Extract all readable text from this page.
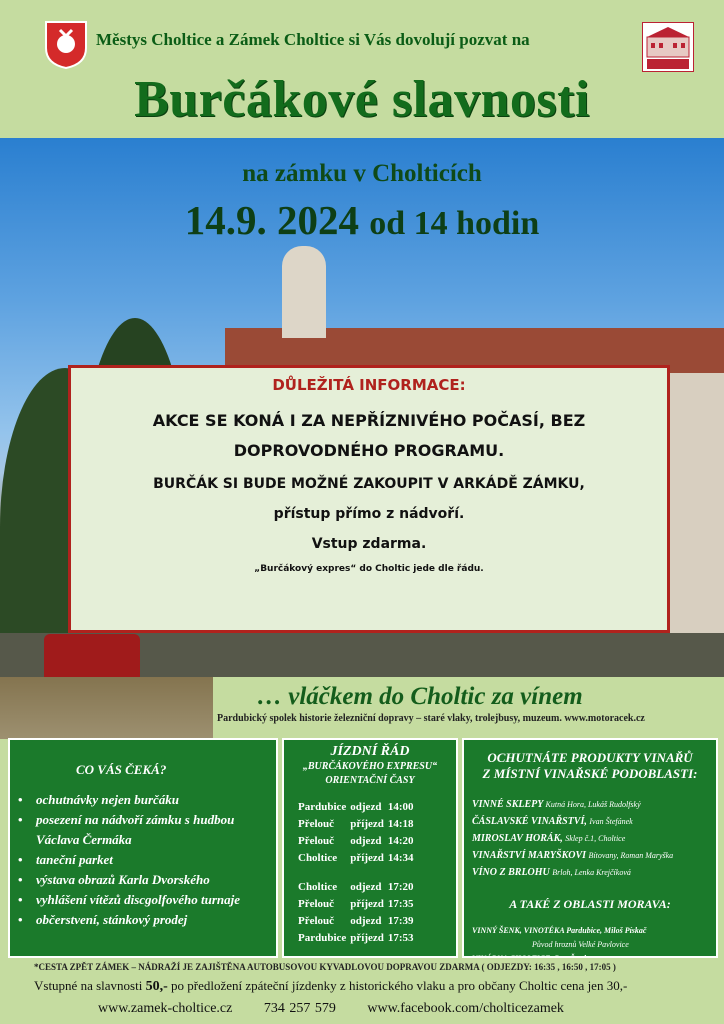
Městys Choltice a Zámek Choltice si Vás dovolují pozvat na
Burčákové slavnosti
na zámku v Cholticích
14.9. 2024 od 14 hodin
DŮLEŽITÁ INFORMACE:
AKCE SE KONÁ I ZA NEPŘÍZNIVÉHO POČASÍ, BEZ
DOPROVODNÉHO PROGRAMU.
BURČÁK SI BUDE MOŽNÉ ZAKOUPIT V ARKÁDĚ ZÁMKU,
přístup přímo z nádvoří.
Vstup zdarma.
„Burčákový expres“ do Choltic jede dle řádu.
… vláčkem do Choltic za vínem
Pardubický spolek historie železniční dopravy – staré vlaky, trolejbusy, muzeum. www.motoracek.cz
CO VÁS ČEKÁ?
• ochutnávky nejen burčáku
• posezení na nádvoří zámku s hudbou
Václava Čermáka
• taneční parket
• výstava obrazů Karla Dvorského
• vyhlášení vítězů discgolfového turnaje
• občerstvení, stánkový prodej
JÍZDNÍ ŘÁD
„BURČÁKOVÉHO EXPRESU“
ORIENTAČNÍ ČASY
Pardubice	odjezd	14:00
Přelouč	příjezd	14:18
Přelouč	odjezd	14:20
Choltice	příjezd	14:34

Choltice	odjezd	17:20
Přelouč	příjezd	17:35
Přelouč	odjezd	17:39
Pardubice	příjezd	17:53
OCHUTNÁTE PRODUKTY VINAŘŮ
Z MÍSTNÍ VINAŘSKÉ PODOBLASTI:
VINNÉ SKLEPY Kutná Hora, Lukáš Rudolfský
ČÁSLAVSKÉ VINAŘSTVÍ, Ivan Štefánek
MIROSLAV HORÁK, Sklep č.1, Choltice
VINAŘSTVÍ MARYŠKOVI Bítovany, Roman Maryška
VÍNO Z BRLOHU Brloh, Lenka Krejčíková
A TAKÉ Z OBLASTI MORAVA:
VINNÝ ŠENK, VINOTÉKA Pardubice, Miloš Pískač
Původ hroznů Velké Pavlovice
*CESTA ZPĚT ZÁMEK – NÁDRAŽÍ JE ZAJIŠTĚNA AUTOBUSOVOU KYVADLOVOU DOPRAVOU ZDARMA ( ODJEZDY: 16:35 , 16:50 , 17:05 )
Vstupné na slavnosti 50,- po předložení zpáteční jízdenky z historického vlaku a pro občany Choltic cena jen 30,-
www.zamek-choltice.cz 734 257 579 www.facebook.com/cholticezamek
